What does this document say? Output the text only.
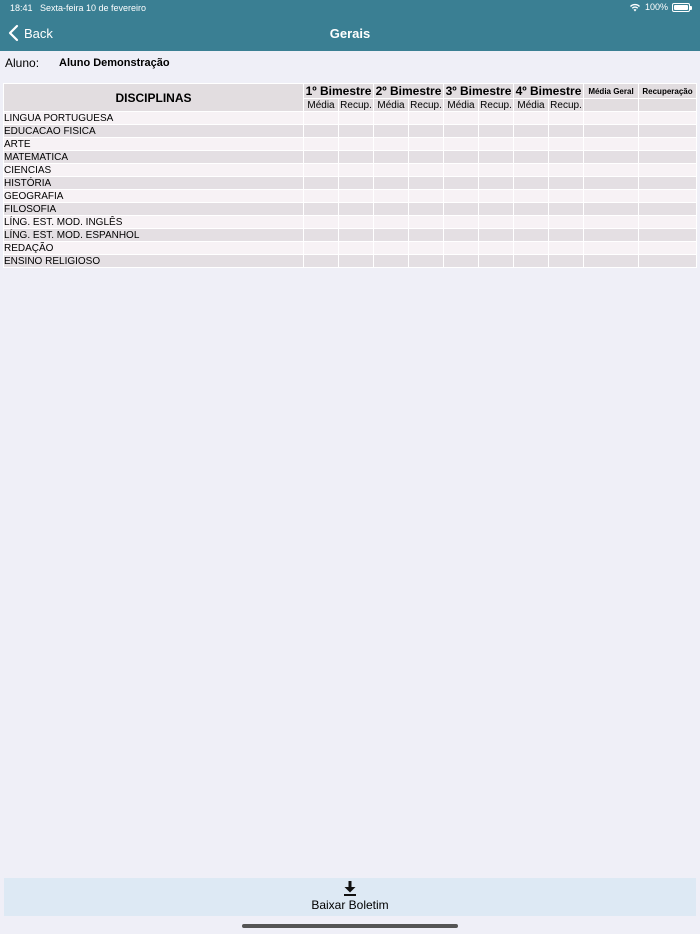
18:41 Sexta-feira 10 de fevereiro	100%
Back	Gerais
Aluno:	Aluno Demonstração
DISCIPLINAS	1º Bimestre		2º Bimestre		3º Bimestre		4º Bimestre		Média Geral	Recuperação
	Média	Recup.	Média	Recup.	Média	Recup.	Média	Recup.		
LINGUA PORTUGUESA										
EDUCACAO FISICA										
ARTE										
MATEMATICA										
CIENCIAS										
HISTÓRIA										
GEOGRAFIA										
FILOSOFIA										
LÍNG. EST. MOD. INGLÊS										
LÍNG. EST. MOD. ESPANHOL										
REDAÇÃO										
ENSINO RELIGIOSO										
Baixar Boletim
